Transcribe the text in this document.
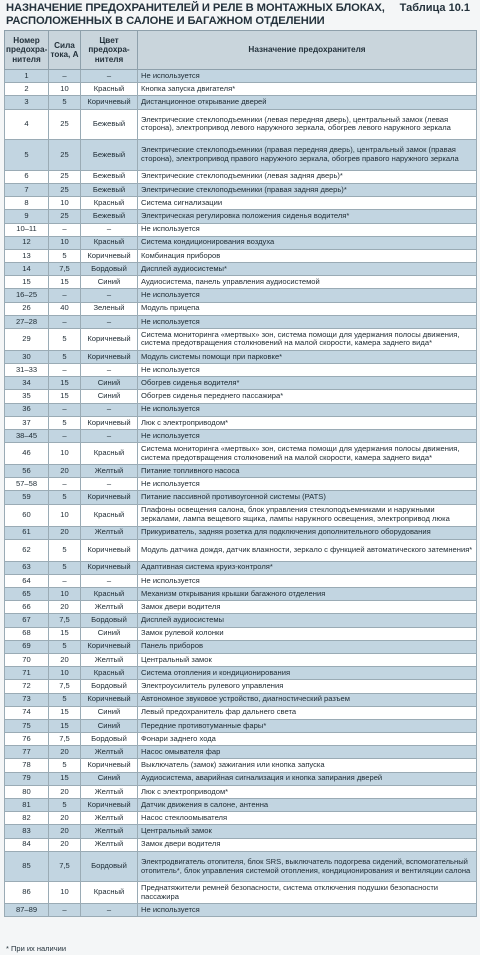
НАЗНАЧЕНИЕ ПРЕДОХРАНИТЕЛЕЙ И РЕЛЕ В МОНТАЖНЫХ БЛОКАХ, РАСПОЛОЖЕННЫХ В САЛОНЕ И БАГАЖНОМ ОТДЕЛЕНИИ
Таблица 10.1
Номер предохра-нителя	Сила тока, А	Цвет предохра-нителя	Назначение предохранителя
1	–	–	Не используется
2	10	Красный	Кнопка запуска двигателя*
3	5	Коричневый	Дистанционное открывание дверей
4	25	Бежевый	Электрические стеклоподъемники (левая передняя дверь), центральный замок (левая сторона), электропривод левого наружного зеркала, обогрев левого наружного зеркала
5	25	Бежевый	Электрические стеклоподъемники (правая передняя дверь), центральный замок (правая сторона), электропривод правого наружного зеркала, обогрев правого наружного зеркала
6	25	Бежевый	Электрические стеклоподъемники (левая задняя дверь)*
7	25	Бежевый	Электрические стеклоподъемники (правая задняя дверь)*
8	10	Красный	Система сигнализации
9	25	Бежевый	Электрическая регулировка положения сиденья водителя*
10–11	–	–	Не используется
12	10	Красный	Система кондиционирования воздуха
13	5	Коричневый	Комбинация приборов
14	7,5	Бордовый	Дисплей аудиосистемы*
15	15	Синий	Аудиосистема, панель управления аудиосистемой
16–25	–	–	Не используется
26	40	Зеленый	Модуль прицепа
27–28	–	–	Не используется
29	5	Коричневый	Система мониторинга «мертвых» зон, система помощи для удержания полосы движения, система предотвращения столкновений на малой скорости, камера заднего вида*
30	5	Коричневый	Модуль системы помощи при парковке*
31–33	–	–	Не используется
34	15	Синий	Обогрев сиденья водителя*
35	15	Синий	Обогрев сиденья переднего пассажира*
36	–	–	Не используется
37	5	Коричневый	Люк с электроприводом*
38–45	–	–	Не используется
46	10	Красный	Система мониторинга «мертвых» зон, система помощи для удержания полосы движения, система предотвращения столкновений на малой скорости, камера заднего вида*
56	20	Желтый	Питание топливного насоса
57–58	–	–	Не используется
59	5	Коричневый	Питание пассивной противоугонной системы (PATS)
60	10	Красный	Плафоны освещения салона, блок управления стеклоподъемниками и наружными зеркалами, лампа вещевого ящика, лампы наружного освещения, электропривод люка
61	20	Желтый	Прикуриватель, задняя розетка для подключения дополнительного оборудования
62	5	Коричневый	Модуль датчика дождя, датчик влажности, зеркало с функцией автоматического затемнения*
63	5	Коричневый	Адаптивная система круиз-контроля*
64	–	–	Не используется
65	10	Красный	Механизм открывания крышки багажного отделения
66	20	Желтый	Замок двери водителя
67	7,5	Бордовый	Дисплей аудиосистемы
68	15	Синий	Замок рулевой колонки
69	5	Коричневый	Панель приборов
70	20	Желтый	Центральный замок
71	10	Красный	Система отопления и кондиционирования
72	7,5	Бордовый	Электроусилитель рулевого управления
73	5	Коричневый	Автономное звуковое устройство, диагностический разъем
74	15	Синий	Левый предохранитель фар дальнего света
75	15	Синий	Передние противотуманные фары*
76	7,5	Бордовый	Фонари заднего хода
77	20	Желтый	Насос омывателя фар
78	5	Коричневый	Выключатель (замок) зажигания или кнопка запуска
79	15	Синий	Аудиосистема, аварийная сигнализация и кнопка запирания дверей
80	20	Желтый	Люк с электроприводом*
81	5	Коричневый	Датчик движения в салоне, антенна
82	20	Желтый	Насос стеклоомывателя
83	20	Желтый	Центральный замок
84	20	Желтый	Замок двери водителя
85	7,5	Бордовый	Электродвигатель отопителя, блок SRS, выключатель подогрева сидений, вспомогательный отопитель*, блок управления системой отопления, кондиционирования и вентиляции салона
86	10	Красный	Преднатяжители ремней безопасности, система отключения подушки безопасности пассажира
87–89	–	–	Не используется
* При их наличии
